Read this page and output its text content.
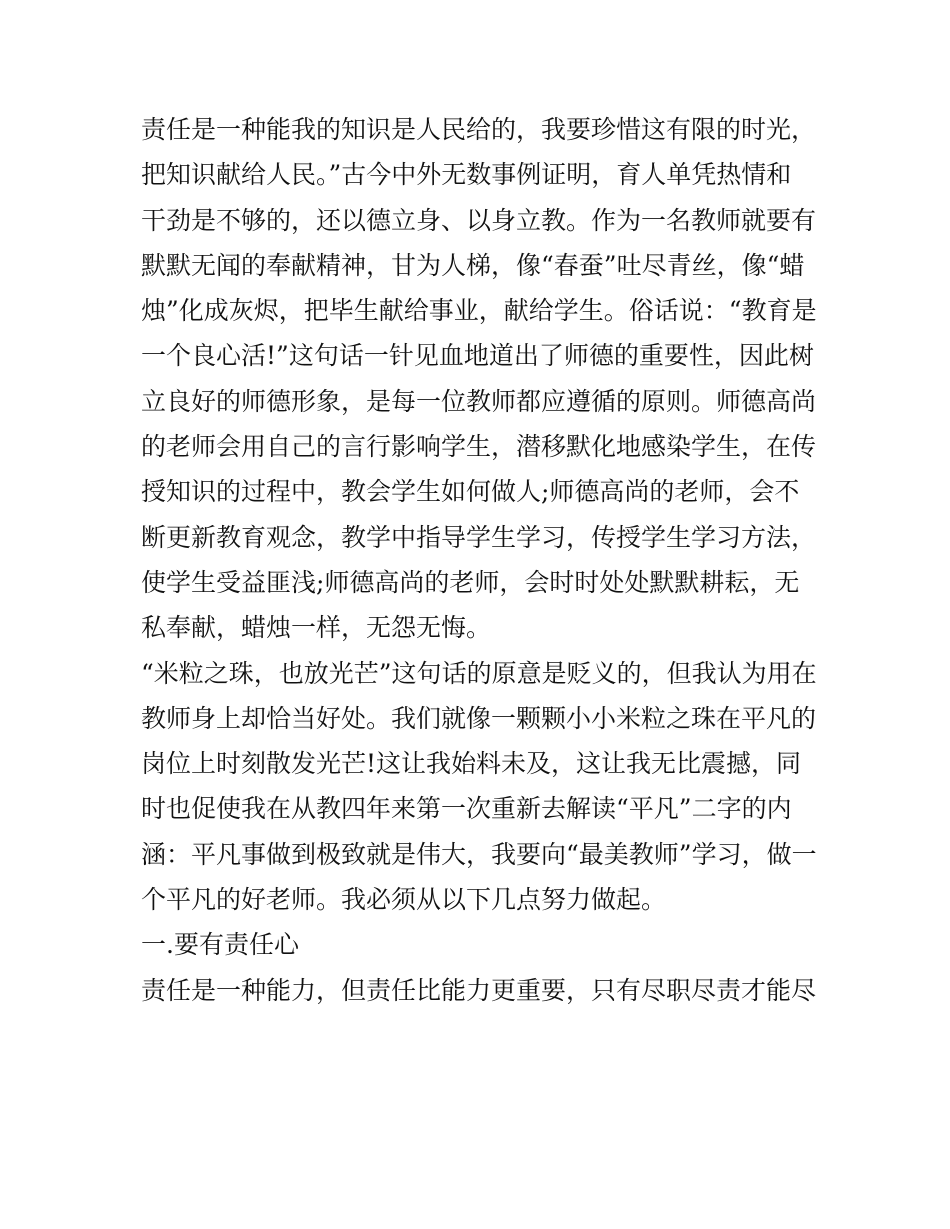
责任是一种能我的知识是人民给的，我要珍惜这有限的时光，
把知识献给人民。”古今中外无数事例证明，育人单凭热情和
干劲是不够的，还以德立身、以身立教。作为一名教师就要有
默默无闻的奉献精神，甘为人梯，像“春蚕”吐尽青丝，像“蜡
烛”化成灰烬，把毕生献给事业，献给学生。俗话说：“教育是
一个良心活!”这句话一针见血地道出了师德的重要性，因此树
立良好的师德形象，是每一位教师都应遵循的原则。师德高尚
的老师会用自己的言行影响学生，潜移默化地感染学生，在传
授知识的过程中，教会学生如何做人;师德高尚的老师，会不
断更新教育观念，教学中指导学生学习，传授学生学习方法，
使学生受益匪浅;师德高尚的老师，会时时处处默默耕耘，无
私奉献，蜡烛一样，无怨无悔。
“米粒之珠，也放光芒”这句话的原意是贬义的，但我认为用在
教师身上却恰当好处。我们就像一颗颗小小米粒之珠在平凡的
岗位上时刻散发光芒!这让我始料未及，这让我无比震撼，同
时也促使我在从教四年来第一次重新去解读“平凡”二字的内
涵：平凡事做到极致就是伟大，我要向“最美教师”学习，做一
个平凡的好老师。我必须从以下几点努力做起。
一.要有责任心
责任是一种能力，但责任比能力更重要，只有尽职尽责才能尽
